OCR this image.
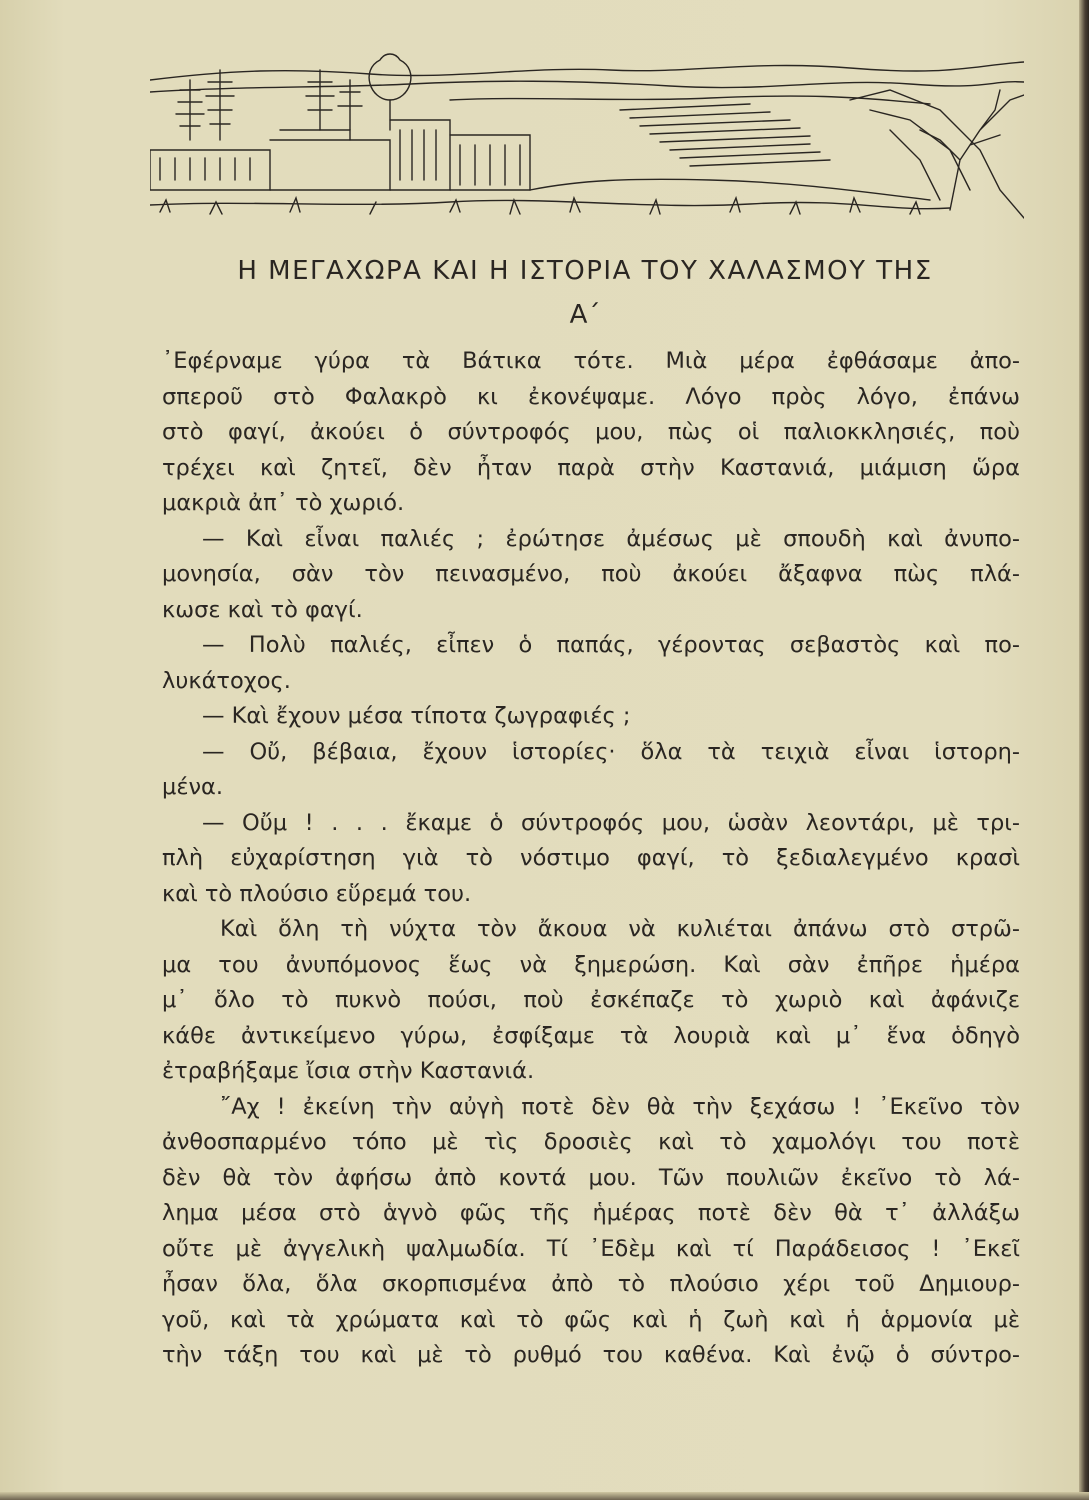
Η ΜΕΓΑΧΩΡΑ ΚΑΙ Η ΙΣΤΟΡΙΑ ΤΟΥ ΧΑΛΑΣΜΟΥ ΤΗΣ
Α΄
᾿Εφέρναμε γύρα τὰ Βάτικα τότε. Μιὰ μέρα ἐφθάσαμε ἀπο-
σπεροῦ στὸ Φαλακρὸ κι ἐκονέψαμε. Λόγο πρὸς λόγο, ἐπάνω
στὸ φαγί, ἀκούει ὁ σύντροφός μου, πὼς οἱ παλιοκκλησιές, ποὺ
τρέχει καὶ ζητεῖ, δὲν ἦταν παρὰ στὴν Καστανιά, μιάμιση ὥρα
μακριὰ ἀπ᾿ τὸ χωριό.
— Καὶ εἶναι παλιές ; ἐρώτησε ἀμέσως μὲ σπουδὴ καὶ ἀνυπο-
μονησία, σὰν τὸν πεινασμένο, ποὺ ἀκούει ἄξαφνα πὼς πλά-
κωσε καὶ τὸ φαγί.
— Πολὺ παλιές, εἶπεν ὁ παπάς, γέροντας σεβαστὸς καὶ πο-
λυκάτοχος.
— Καὶ ἔχουν μέσα τίποτα ζωγραφιές ;
— Οὔ, βέβαια, ἔχουν ἱστορίες· ὅλα τὰ τειχιὰ εἶναι ἱστορη-
μένα.
— Οὔμ ! . . . ἔκαμε ὁ σύντροφός μου, ὡσὰν λεοντάρι, μὲ τρι-
πλὴ εὐχαρίστηση γιὰ τὸ νόστιμο φαγί, τὸ ξεδιαλεγμένο κρασὶ
καὶ τὸ πλούσιο εὕρεμά του.
Καὶ ὅλη τὴ νύχτα τὸν ἄκουα νὰ κυλιέται ἀπάνω στὸ στρῶ-
μα του ἀνυπόμονος ἕως νὰ ξημερώση. Καὶ σὰν ἐπῆρε ἡμέρα
μ᾿ ὅλο τὸ πυκνὸ πούσι, ποὺ ἐσκέπαζε τὸ χωριὸ καὶ ἀφάνιζε
κάθε ἀντικείμενο γύρω, ἐσφίξαμε τὰ λουριὰ καὶ μ᾿ ἕνα ὁδηγὸ
ἐτραβήξαμε ἴσια στὴν Καστανιά.
῎Αχ ! ἐκείνη τὴν αὐγὴ ποτὲ δὲν θὰ τὴν ξεχάσω ! ᾿Εκεῖνο τὸν
ἀνθοσπαρμένο τόπο μὲ τὶς δροσιὲς καὶ τὸ χαμολόγι του ποτὲ
δὲν θὰ τὸν ἀφήσω ἀπὸ κοντά μου. Τῶν πουλιῶν ἐκεῖνο τὸ λά-
λημα μέσα στὸ ἁγνὸ φῶς τῆς ἡμέρας ποτὲ δὲν θὰ τ᾿ ἀλλάξω
οὔτε μὲ ἀγγελικὴ ψαλμωδία. Τί ᾿Εδὲμ καὶ τί Παράδεισος ! ᾿Εκεῖ
ἦσαν ὅλα, ὅλα σκορπισμένα ἀπὸ τὸ πλούσιο χέρι τοῦ Δημιουρ-
γοῦ, καὶ τὰ χρώματα καὶ τὸ φῶς καὶ ἡ ζωὴ καὶ ἡ ἁρμονία μὲ
τὴν τάξη του καὶ μὲ τὸ ρυθμό του καθένα. Καὶ ἐνῷ ὁ σύντρο-
